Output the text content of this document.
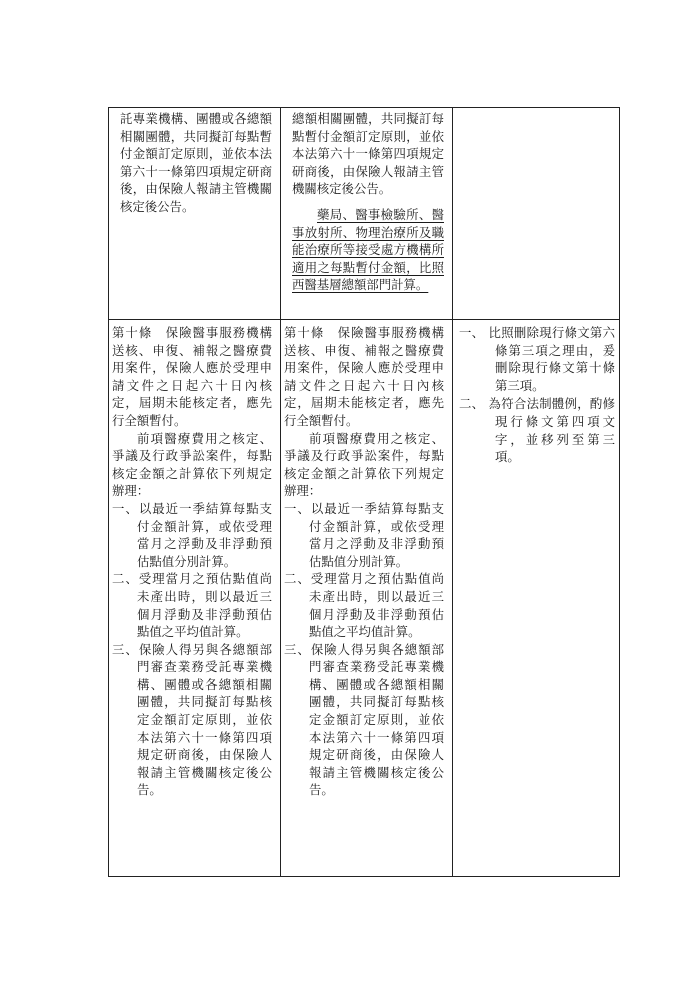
託專業機構、團體或各總額相關團體，共同擬訂每點暫付金額訂定原則，並依本法第六十一條第四項規定研商後，由保險人報請主管機關核定後公告。

總額相關團體，共同擬訂每點暫付金額訂定原則，並依本法第六十一條第四項規定研商後，由保險人報請主管機關核定後公告。

藥局、醫事檢驗所、醫事放射所、物理治療所及職能治療所等接受處方機構所適用之每點暫付金額，比照西醫基層總額部門計算。

第十條　保險醫事服務機構送核、申復、補報之醫療費用案件，保險人應於受理申請文件之日起六十日內核定，屆期未能核定者，應先行全額暫付。

前項醫療費用之核定、爭議及行政爭訟案件，每點核定金額之計算依下列規定辦理：

一、以最近一季結算每點支付金額計算，或依受理當月之浮動及非浮動預估點值分別計算。

二、受理當月之預估點值尚未產出時，則以最近三個月浮動及非浮動預估點值之平均值計算。

三、保險人得另與各總額部門審查業務受託專業機構、團體或各總額相關團體，共同擬訂每點核定金額訂定原則，並依本法第六十一條第四項規定研商後，由保險人報請主管機關核定後公告。

第十條　保險醫事服務機構送核、申復、補報之醫療費用案件，保險人應於受理申請文件之日起六十日內核定，屆期未能核定者，應先行全額暫付。

前項醫療費用之核定、爭議及行政爭訟案件，每點核定金額之計算依下列規定辦理：

一、以最近一季結算每點支付金額計算，或依受理當月之浮動及非浮動預估點值分別計算。

二、受理當月之預估點值尚未產出時，則以最近三個月浮動及非浮動預估點值之平均值計算。

三、保險人得另與各總額部門審查業務受託專業機構、團體或各總額相關團體，共同擬訂每點核定金額訂定原則，並依本法第六十一條第四項規定研商後，由保險人報請主管機關核定後公告。

一、 比照刪除現行條文第六條第三項之理由，爰刪除現行條文第十條第三項。

二、 為符合法制體例，酌修現行條文第四項文字，並移列至第三項。
